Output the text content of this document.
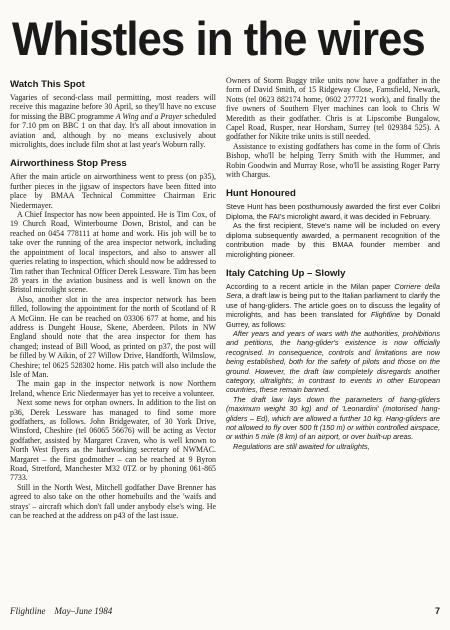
Whistles in the wires
Watch This Spot

Vagaries of second-class mail permitting, most readers will receive this magazine before 30 April, so they'll have no excuse for missing the BBC programme A Wing and a Prayer scheduled for 7.10 pm on BBC 1 on that day. It's all about innovation in aviation and, although by no means exclusively about microlights, does include film shot at last year's Woburn rally.

Airworthiness Stop Press

After the main article on airworthiness went to press (on p35), further pieces in the jigsaw of inspectors have been fitted into place by BMAA Technical Committee Chairman Eric Niedermayer.

A Chief Inspector has now been appointed. He is Tim Cox, of 19 Church Road, Winterbourne Down, Bristol, and can be reached on 0454 778111 at home and work. His job will be to take over the running of the area inspector network, including the appointment of local inspectors, and also to answer all queries relating to inspection, which should now be addressed to Tim rather than Technical Officer Derek Lessware. Tim has been 28 years in the aviation business and is well known on the Bristol microlight scene.

Also, another slot in the area inspector network has been filled, following the appointment for the north of Scotland of R A McGinn. He can be reached on 03306 677 at home, and his address is Dungeht House, Skene, Aberdeen. Pilots in NW England should note that the area inspector for them has changed; instead of Bill Wood, as printed on p37, the post will be filled by W Aikin, of 27 Willow Drive, Handforth, Wilmslow, Cheshire; tel 0625 528302 home. His patch will also include the Isle of Man.

The main gap in the inspector network is now Northern Ireland, whence Eric Niedermayer has yet to receive a volunteer.

Next some news for orphan owners. In addition to the list on p36, Derek Lessware has managed to find some more godfathers, as follows. John Bridgewater, of 30 York Drive, Winsford, Cheshire (tel 06065 56676) will be acting as Vector godfather, assisted by Margaret Craven, who is well known to North West flyers as the hardworking secretary of NWMAC. Margaret – the first godmother – can be reached at 9 Byron Road, Stretford, Manchester M32 0TZ or by phoning 061-865 7733.

Still in the North West, Mitchell godfather Dave Brenner has agreed to also take on the other homebuilts and the 'waifs and strays' – aircraft which don't fall under anybody else's wing. He can be reached at the address on p43 of the last issue.

Owners of Storm Buggy trike units now have a godfather in the form of David Smith, of 15 Ridgeway Close, Farnsfield, Newark, Notts (tel 0623 882174 home, 0602 277721 work), and finally the five owners of Southern Flyer machines can look to Chris W Meredith as their godfather. Chris is at Lipscombe Bungalow, Capel Road, Rusper, near Horsham, Surrey (tel 029384 525). A godfather for Nikite trike units is still needed.

Assistance to existing godfathers has come in the form of Chris Bishop, who'll be helping Terry Smith with the Hummer, and Robin Goodwin and Murray Rose, who'll be assisting Roger Parry with Chargus.

Hunt Honoured

Steve Hunt has been posthumously awarded the first ever Colibri Diploma, the FAI's microlight award, it was decided in February.

As the first recipient, Steve's name will be included on every diploma subsequently awarded, a permanent recognition of the contribution made by this BMAA founder member and microlighting pioneer.

Italy Catching Up – Slowly

According to a recent article in the Milan paper Corriere della Sera, a draft law is being put to the Italian parliament to clarify the use of hang-gliders. The article goes on to discuss the legality of microlights, and has been translated for Flightline by Donald Gurrey, as follows:

After years and years of wars with the authorities, prohibitions and petitions, the hang-glider's existence is now officially recognised. In consequence, controls and limitations are now being established, both for the safety of pilots and those on the ground. However, the draft law completely disregards another category, ultralights; in contrast to events in other European countries, these remain banned.

The draft law lays down the parameters of hang-gliders (maximum weight 30 kg) and of 'Leonardini' (motorised hang-gliders – Ed), which are allowed a further 10 kg. Hang-gliders are not allowed to fly over 500 ft (150 m) or within controlled airspace, or within 5 mile (8 km) of an airport, or over built-up areas.

Regulations are still awaited for ultralights,

Flightline May–June 1984	7
